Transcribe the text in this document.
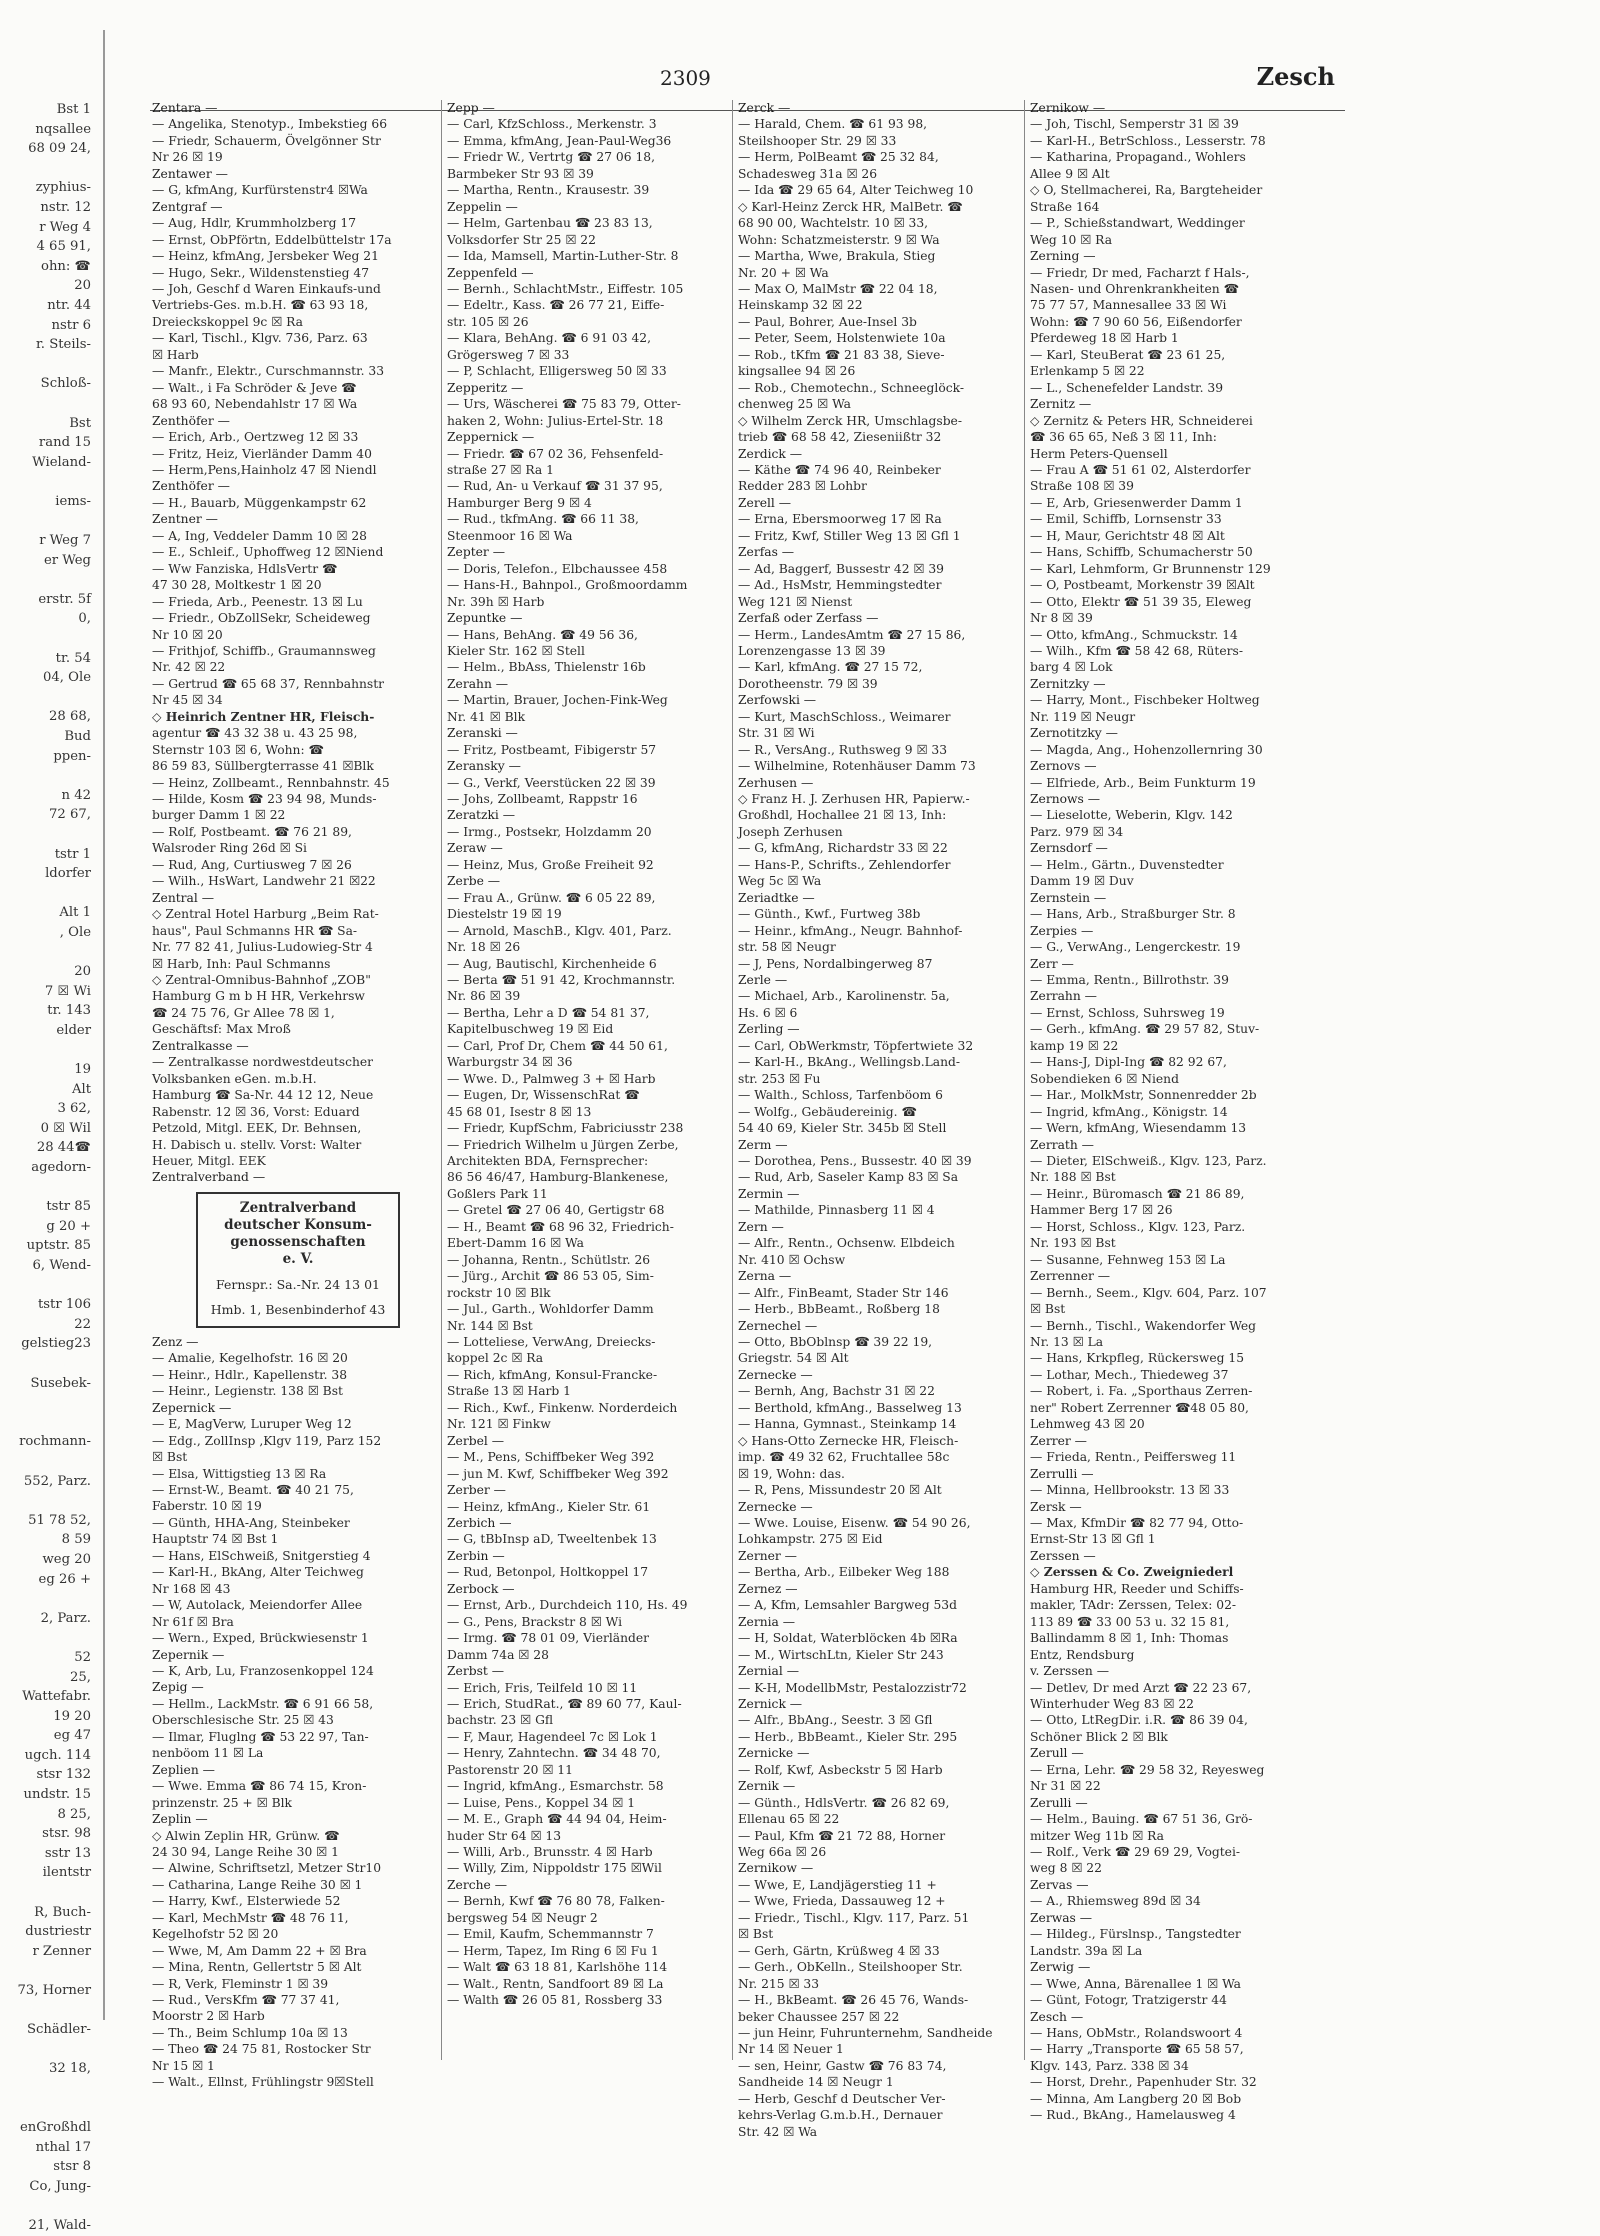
Bst 1
nqsallee
68 09 24,

zyphius-
nstr. 12
r Weg 4
4 65 91,
ohn: ☎
20
ntr. 44
nstr 6
r. Steils-

Schloß-

Bst
rand 15
Wieland-

iems-

r Weg 7
er Weg

erstr. 5f
0,

tr. 54
04, Ole

28 68,
Bud
ppen-

n 42
72 67,

tstr 1
ldorfer

Alt 1
, Ole

20
7 ☒ Wi
tr. 143
elder

19
Alt
3 62,
0 ☒ Wil
28 44☎
agedorn-

tstr 85
g 20 +
uptstr. 85
6, Wend-

tstr 106
22
gelstieg23

Susebek-

rochmann-

552, Parz.

51 78 52,
8 59
weg 20
eg 26 +

2, Parz.

52
25,
Wattefabr.
19 20
eg 47
ugch. 114
stsr 132
undstr. 15
8 25,
stsr. 98
sstr 13
ilentstr

R, Buch-
dustriestr
r Zenner

73, Horner

Schädler-

32 18,

enGroßhdl
nthal 17
stsr 8
Co, Jung-

21, Wald-
2309	Zesch
Zentara —
— Angelika, Stenotyp., Imbekstieg 66
— Friedr, Schauerm, Övelgönner Str
Nr 26 ☒ 19
Zentawer —
— G, kfmAng, Kurfürstenstr4 ☒Wa
Zentgraf —
— Aug, Hdlr, Krummholzberg 17
— Ernst, ObPförtn, Eddelbüttelstr 17a
— Heinz, kfmAng, Jersbeker Weg 21
— Hugo, Sekr., Wildenstenstieg 47
— Joh, Geschf d Waren Einkaufs-und
Vertriebs-Ges. m.b.H. ☎ 63 93 18,
Dreieckskoppel 9c ☒ Ra
— Karl, Tischl., Klgv. 736, Parz. 63
☒ Harb
— Manfr., Elektr., Curschmannstr. 33
— Walt., i Fa Schröder & Jeve ☎
68 93 60, Nebendahlstr 17 ☒ Wa
Zenthöfer —
— Erich, Arb., Oertzweg 12 ☒ 33
— Fritz, Heiz, Vierländer Damm 40
— Herm,Pens,Hainholz 47 ☒ Niendl
Zenthöfer —
— H., Bauarb, Müggenkampstr 62
Zentner —
— A, Ing, Veddeler Damm 10 ☒ 28
— E., Schleif., Uphoffweg 12 ☒Niend
— Ww Fanziska, HdlsVertr ☎
47 30 28, Moltkestr 1 ☒ 20
— Frieda, Arb., Peenestr. 13 ☒ Lu
— Friedr., ObZollSekr, Scheideweg
Nr 10 ☒ 20
— Frithjof, Schiffb., Graumannsweg
Nr. 42 ☒ 22
— Gertrud ☎ 65 68 37, Rennbahnstr
Nr 45 ☒ 34
◇ Heinrich Zentner HR, Fleisch-
agentur ☎ 43 32 38 u. 43 25 98,
Sternstr 103 ☒ 6, Wohn: ☎
86 59 83, Süllbergterrasse 41 ☒Blk
— Heinz, Zollbeamt., Rennbahnstr. 45
— Hilde, Kosm ☎ 23 94 98, Munds-
burger Damm 1 ☒ 22
— Rolf, Postbeamt. ☎ 76 21 89,
Walsroder Ring 26d ☒ Si
— Rud, Ang, Curtiusweg 7 ☒ 26
— Wilh., HsWart, Landwehr 21 ☒22
Zentral —
◇ Zentral Hotel Harburg „Beim Rat-
haus", Paul Schmanns HR ☎ Sa-
Nr. 77 82 41, Julius-Ludowieg-Str 4
☒ Harb, Inh: Paul Schmanns
◇ Zentral-Omnibus-Bahnhof „ZOB"
Hamburg G m b H HR, Verkehrsw
☎ 24 75 76, Gr Allee 78 ☒ 1,
Geschäftsf: Max Mroß
Zentralkasse —
— Zentralkasse nordwestdeutscher
Volksbanken eGen. m.b.H.
Hamburg ☎ Sa-Nr. 44 12 12, Neue
Rabenstr. 12 ☒ 36, Vorst: Eduard
Petzold, Mitgl. EEK, Dr. Behnsen,
H. Dabisch u. stellv. Vorst: Walter
Heuer, Mitgl. EEK
Zentralverband —
Zentralverband
deutscher Konsum-
genossenschaften
e. V.
Fernspr.: Sa.-Nr. 24 13 01
Hmb. 1, Besenbinderhof 43
Zenz —
— Amalie, Kegelhofstr. 16 ☒ 20
— Heinr., Hdlr., Kapellenstr. 38
— Heinr., Legienstr. 138 ☒ Bst
Zepernick —
— E, MagVerw, Luruper Weg 12
— Edg., ZollInsp ,Klgv 119, Parz 152
☒ Bst
— Elsa, Wittigstieg 13 ☒ Ra
— Ernst-W., Beamt. ☎ 40 21 75,
Faberstr. 10 ☒ 19
— Günth, HHA-Ang, Steinbeker
Hauptstr 74 ☒ Bst 1
— Hans, ElSchweiß, Snitgerstieg 4
— Karl-H., BkAng, Alter Teichweg
Nr 168 ☒ 43
— W, Autolack, Meiendorfer Allee
Nr 61f ☒ Bra
— Wern., Exped, Brückwiesenstr 1
Zepernik —
— K, Arb, Lu, Franzosenkoppel 124
Zepig —
— Hellm., LackMstr. ☎ 6 91 66 58,
Oberschlesische Str. 25 ☒ 43
— Ilmar, Fluglng ☎ 53 22 97, Tan-
nenböom 11 ☒ La
Zeplien —
— Wwe. Emma ☎ 86 74 15, Kron-
prinzenstr. 25 + ☒ Blk
Zeplin —
◇ Alwin Zeplin HR, Grünw. ☎
24 30 94, Lange Reihe 30 ☒ 1
— Alwine, Schriftsetzl, Metzer Str10
— Catharina, Lange Reihe 30 ☒ 1
— Harry, Kwf., Elsterwiede 52
— Karl, MechMstr ☎ 48 76 11,
Kegelhofstr 52 ☒ 20
— Wwe, M, Am Damm 22 + ☒ Bra
— Mina, Rentn, Gellertstr 5 ☒ Alt
— R, Verk, Fleminstr 1 ☒ 39
— Rud., VersKfm ☎ 77 37 41,
Moorstr 2 ☒ Harb
— Th., Beim Schlump 10a ☒ 13
— Theo ☎ 24 75 81, Rostocker Str
Nr 15 ☒ 1
— Walt., Ellnst, Frühlingstr 9☒Stell
Zepp —
— Carl, KfzSchloss., Merkenstr. 3
— Emma, kfmAng, Jean-Paul-Weg36
— Friedr W., Vertrtg ☎ 27 06 18,
Barmbeker Str 93 ☒ 39
— Martha, Rentn., Krausestr. 39
Zeppelin —
— Helm, Gartenbau ☎ 23 83 13,
Volksdorfer Str 25 ☒ 22
— Ida, Mamsell, Martin-Luther-Str. 8
Zeppenfeld —
— Bernh., SchlachtMstr., Eiffestr. 105
— Edeltr., Kass. ☎ 26 77 21, Eiffe-
str. 105 ☒ 26
— Klara, BehAng. ☎ 6 91 03 42,
Grögersweg 7 ☒ 33
— P, Schlacht, Elligersweg 50 ☒ 33
Zepperitz —
— Urs, Wäscherei ☎ 75 83 79, Otter-
haken 2, Wohn: Julius-Ertel-Str. 18
Zeppernick —
— Friedr. ☎ 67 02 36, Fehsenfeld-
straße 27 ☒ Ra 1
— Rud, An- u Verkauf ☎ 31 37 95,
Hamburger Berg 9 ☒ 4
— Rud., tkfmAng. ☎ 66 11 38,
Steenmoor 16 ☒ Wa
Zepter —
— Doris, Telefon., Elbchaussee 458
— Hans-H., Bahnpol., Großmoordamm
Nr. 39h ☒ Harb
Zepuntke —
— Hans, BehAng. ☎ 49 56 36,
Kieler Str. 162 ☒ Stell
— Helm., BbAss, Thielenstr 16b
Zerahn —
— Martin, Brauer, Jochen-Fink-Weg
Nr. 41 ☒ Blk
Zeranski —
— Fritz, Postbeamt, Fibigerstr 57
Zeransky —
— G., Verkf, Veerstücken 22 ☒ 39
— Johs, Zollbeamt, Rappstr 16
Zeratzki —
— Irmg., Postsekr, Holzdamm 20
Zeraw —
— Heinz, Mus, Große Freiheit 92
Zerbe —
— Frau A., Grünw. ☎ 6 05 22 89,
Diestelstr 19 ☒ 19
— Arnold, MaschB., Klgv. 401, Parz.
Nr. 18 ☒ 26
— Aug, Bautischl, Kirchenheide 6
— Berta ☎ 51 91 42, Krochmannstr.
Nr. 86 ☒ 39
— Bertha, Lehr a D ☎ 54 81 37,
Kapitelbuschweg 19 ☒ Eid
— Carl, Prof Dr, Chem ☎ 44 50 61,
Warburgstr 34 ☒ 36
— Wwe. D., Palmweg 3 + ☒ Harb
— Eugen, Dr, WissenschRat ☎
45 68 01, Isestr 8 ☒ 13
— Friedr, KupfSchm, Fabriciusstr 238
— Friedrich Wilhelm u Jürgen Zerbe,
Architekten BDA, Fernsprecher:
86 56 46/47, Hamburg-Blankenese,
Goßlers Park 11
— Gretel ☎ 27 06 40, Gertigstr 68
— H., Beamt ☎ 68 96 32, Friedrich-
Ebert-Damm 16 ☒ Wa
— Johanna, Rentn., Schütlstr. 26
— Jürg., Archit ☎ 86 53 05, Sim-
rockstr 10 ☒ Blk
— Jul., Garth., Wohldorfer Damm
Nr. 144 ☒ Bst
— Lotteliese, VerwAng, Dreiecks-
koppel 2c ☒ Ra
— Rich, kfmAng, Konsul-Francke-
Straße 13 ☒ Harb 1
— Rich., Kwf., Finkenw. Norderdeich
Nr. 121 ☒ Finkw
Zerbel —
— M., Pens, Schiffbeker Weg 392
— jun M. Kwf, Schiffbeker Weg 392
Zerber —
— Heinz, kfmAng., Kieler Str. 61
Zerbich —
— G, tBbInsp aD, Tweeltenbek 13
Zerbin —
— Rud, Betonpol, Holtkoppel 17
Zerbock —
— Ernst, Arb., Durchdeich 110, Hs. 49
— G., Pens, Brackstr 8 ☒ Wi
— Irmg. ☎ 78 01 09, Vierländer
Damm 74a ☒ 28
Zerbst —
— Erich, Fris, Teilfeld 10 ☒ 11
— Erich, StudRat., ☎ 89 60 77, Kaul-
bachstr. 23 ☒ Gfl
— F, Maur, Hagendeel 7c ☒ Lok 1
— Henry, Zahntechn. ☎ 34 48 70,
Pastorenstr 20 ☒ 11
— Ingrid, kfmAng., Esmarchstr. 58
— Luise, Pens., Koppel 34 ☒ 1
— M. E., Graph ☎ 44 94 04, Heim-
huder Str 64 ☒ 13
— Willi, Arb., Brunsstr. 4 ☒ Harb
— Willy, Zim, Nippoldstr 175 ☒Wil
Zerche —
— Bernh, Kwf ☎ 76 80 78, Falken-
bergsweg 54 ☒ Neugr 2
— Emil, Kaufm, Schemmannstr 7
— Herm, Tapez, Im Ring 6 ☒ Fu 1
— Walt ☎ 63 18 81, Karlshöhe 114
— Walt., Rentn, Sandfoort 89 ☒ La
— Walth ☎ 26 05 81, Rossberg 33
Zerck —
— Harald, Chem. ☎ 61 93 98,
Steilshooper Str. 29 ☒ 33
— Herm, PolBeamt ☎ 25 32 84,
Schadesweg 31a ☒ 26
— Ida ☎ 29 65 64, Alter Teichweg 10
◇ Karl-Heinz Zerck HR, MalBetr. ☎
68 90 00, Wachtelstr. 10 ☒ 33,
Wohn: Schatzmeisterstr. 9 ☒ Wa
— Martha, Wwe, Brakula, Stieg
Nr. 20 + ☒ Wa
— Max O, MalMstr ☎ 22 04 18,
Heinskamp 32 ☒ 22
— Paul, Bohrer, Aue-Insel 3b
— Peter, Seem, Holstenwiete 10a
— Rob., tKfm ☎ 21 83 38, Sieve-
kingsallee 94 ☒ 26
— Rob., Chemotechn., Schneeglöck-
chenweg 25 ☒ Wa
◇ Wilhelm Zerck HR, Umschlagsbe-
trieb ☎ 68 58 42, Zieseniißtr 32
Zerdick —
— Käthe ☎ 74 96 40, Reinbeker
Redder 283 ☒ Lohbr
Zerell —
— Erna, Ebersmoorweg 17 ☒ Ra
— Fritz, Kwf, Stiller Weg 13 ☒ Gfl 1
Zerfas —
— Ad, Baggerf, Bussestr 42 ☒ 39
— Ad., HsMstr, Hemmingstedter
Weg 121 ☒ Nienst
Zerfaß oder Zerfass —
— Herm., LandesAmtm ☎ 27 15 86,
Lorenzengasse 13 ☒ 39
— Karl, kfmAng. ☎ 27 15 72,
Dorotheenstr. 79 ☒ 39
Zerfowski —
— Kurt, MaschSchloss., Weimarer
Str. 31 ☒ Wi
— R., VersAng., Ruthsweg 9 ☒ 33
— Wilhelmine, Rotenhäuser Damm 73
Zerhusen —
◇ Franz H. J. Zerhusen HR, Papierw.-
Großhdl, Hochallee 21 ☒ 13, Inh:
Joseph Zerhusen
— G, kfmAng, Richardstr 33 ☒ 22
— Hans-P., Schrifts., Zehlendorfer
Weg 5c ☒ Wa
Zeriadtke —
— Günth., Kwf., Furtweg 38b
— Heinr., kfmAng., Neugr. Bahnhof-
str. 58 ☒ Neugr
— J, Pens, Nordalbingerweg 87
Zerle —
— Michael, Arb., Karolinenstr. 5a,
Hs. 6 ☒ 6
Zerling —
— Carl, ObWerkmstr, Töpfertwiete 32
— Karl-H., BkAng., Wellingsb.Land-
str. 253 ☒ Fu
— Walth., Schloss, Tarfenböom 6
— Wolfg., Gebäudereinig. ☎
54 40 69, Kieler Str. 345b ☒ Stell
Zerm —
— Dorothea, Pens., Bussestr. 40 ☒ 39
— Rud, Arb, Saseler Kamp 83 ☒ Sa
Zermin —
— Mathilde, Pinnasberg 11 ☒ 4
Zern —
— Alfr., Rentn., Ochsenw. Elbdeich
Nr. 410 ☒ Ochsw
Zerna —
— Alfr., FinBeamt, Stader Str 146
— Herb., BbBeamt., Roßberg 18
Zernechel —
— Otto, BbOblnsp ☎ 39 22 19,
Griegstr. 54 ☒ Alt
Zernecke —
— Bernh, Ang, Bachstr 31 ☒ 22
— Berthold, kfmAng., Basselweg 13
— Hanna, Gymnast., Steinkamp 14
◇ Hans-Otto Zernecke HR, Fleisch-
imp. ☎ 49 32 62, Fruchtallee 58c
☒ 19, Wohn: das.
— R, Pens, Missundestr 20 ☒ Alt
Zernecke —
— Wwe. Louise, Eisenw. ☎ 54 90 26,
Lohkampstr. 275 ☒ Eid
Zerner —
— Bertha, Arb., Eilbeker Weg 188
Zernez —
— A, Kfm, Lemsahler Bargweg 53d
Zernia —
— H, Soldat, Waterblöcken 4b ☒Ra
— M., WirtschLtn, Kieler Str 243
Zernial —
— K-H, ModellbMstr, Pestalozzistr72
Zernick —
— Alfr., BbAng., Seestr. 3 ☒ Gfl
— Herb., BbBeamt., Kieler Str. 295
Zernicke —
— Rolf, Kwf, Asbeckstr 5 ☒ Harb
Zernik —
— Günth., HdlsVertr. ☎ 26 82 69,
Ellenau 65 ☒ 22
— Paul, Kfm ☎ 21 72 88, Horner
Weg 66a ☒ 26
Zernikow —
— Wwe, E, Landjägerstieg 11 +
— Wwe, Frieda, Dassauweg 12 +
— Friedr., Tischl., Klgv. 117, Parz. 51
☒ Bst
— Gerh, Gärtn, Krüßweg 4 ☒ 33
— Gerh., ObKelln., Steilshooper Str.
Nr. 215 ☒ 33
— H., BkBeamt. ☎ 26 45 76, Wands-
beker Chaussee 257 ☒ 22
— jun Heinr, Fuhrunternehm, Sandheide
Nr 14 ☒ Neuer 1
— sen, Heinr, Gastw ☎ 76 83 74,
Sandheide 14 ☒ Neugr 1
— Herb, Geschf d Deutscher Ver-
kehrs-Verlag G.m.b.H., Dernauer
Str. 42 ☒ Wa
Zernikow —
— Joh, Tischl, Semperstr 31 ☒ 39
— Karl-H., BetrSchloss., Lesserstr. 78
— Katharina, Propagand., Wohlers
Allee 9 ☒ Alt
◇ O, Stellmacherei, Ra, Bargteheider
Straße 164
— P., Schießstandwart, Weddinger
Weg 10 ☒ Ra
Zerning —
— Friedr, Dr med, Facharzt f Hals-,
Nasen- und Ohrenkrankheiten ☎
75 77 57, Mannesallee 33 ☒ Wi
Wohn: ☎ 7 90 60 56, Eißendorfer
Pferdeweg 18 ☒ Harb 1
— Karl, SteuBerat ☎ 23 61 25,
Erlenkamp 5 ☒ 22
— L., Schenefelder Landstr. 39
Zernitz —
◇ Zernitz & Peters HR, Schneiderei
☎ 36 65 65, Neß 3 ☒ 11, Inh:
Herm Peters-Quensell
— Frau A ☎ 51 61 02, Alsterdorfer
Straße 108 ☒ 39
— E, Arb, Griesenwerder Damm 1
— Emil, Schiffb, Lornsenstr 33
— H, Maur, Gerichtstr 48 ☒ Alt
— Hans, Schiffb, Schumacherstr 50
— Karl, Lehmform, Gr Brunnenstr 129
— O, Postbeamt, Morkenstr 39 ☒Alt
— Otto, Elektr ☎ 51 39 35, Eleweg
Nr 8 ☒ 39
— Otto, kfmAng., Schmuckstr. 14
— Wilh., Kfm ☎ 58 42 68, Rüters-
barg 4 ☒ Lok
Zernitzky —
— Harry, Mont., Fischbeker Holtweg
Nr. 119 ☒ Neugr
Zernotitzky —
— Magda, Ang., Hohenzollernring 30
Zernovs —
— Elfriede, Arb., Beim Funkturm 19
Zernows —
— Lieselotte, Weberin, Klgv. 142
Parz. 979 ☒ 34
Zernsdorf —
— Helm., Gärtn., Duvenstedter
Damm 19 ☒ Duv
Zernstein —
— Hans, Arb., Straßburger Str. 8
Zerpies —
— G., VerwAng., Lengerckestr. 19
Zerr —
— Emma, Rentn., Billrothstr. 39
Zerrahn —
— Ernst, Schloss, Suhrsweg 19
— Gerh., kfmAng. ☎ 29 57 82, Stuv-
kamp 19 ☒ 22
— Hans-J, Dipl-Ing ☎ 82 92 67,
Sobendieken 6 ☒ Niend
— Har., MolkMstr, Sonnenredder 2b
— Ingrid, kfmAng., Königstr. 14
— Wern, kfmAng, Wiesendamm 13
Zerrath —
— Dieter, ElSchweiß., Klgv. 123, Parz.
Nr. 188 ☒ Bst
— Heinr., Büromasch ☎ 21 86 89,
Hammer Berg 17 ☒ 26
— Horst, Schloss., Klgv. 123, Parz.
Nr. 193 ☒ Bst
— Susanne, Fehnweg 153 ☒ La
Zerrenner —
— Bernh., Seem., Klgv. 604, Parz. 107
☒ Bst
— Bernh., Tischl., Wakendorfer Weg
Nr. 13 ☒ La
— Hans, Krkpfleg, Rückersweg 15
— Lothar, Mech., Thiedeweg 37
— Robert, i. Fa. „Sporthaus Zerren-
ner" Robert Zerrenner ☎48 05 80,
Lehmweg 43 ☒ 20
Zerrer —
— Frieda, Rentn., Peiffersweg 11
Zerrulli —
— Minna, Hellbrookstr. 13 ☒ 33
Zersk —
— Max, KfmDir ☎ 82 77 94, Otto-
Ernst-Str 13 ☒ Gfl 1
Zerssen —
◇ Zerssen & Co. Zweigniederl
Hamburg HR, Reeder und Schiffs-
makler, TAdr: Zerssen, Telex: 02-
113 89 ☎ 33 00 53 u. 32 15 81,
Ballindamm 8 ☒ 1, Inh: Thomas
Entz, Rendsburg
v. Zerssen —
— Detlev, Dr med Arzt ☎ 22 23 67,
Winterhuder Weg 83 ☒ 22
— Otto, LtRegDir. i.R. ☎ 86 39 04,
Schöner Blick 2 ☒ Blk
Zerull —
— Erna, Lehr. ☎ 29 58 32, Reyesweg
Nr 31 ☒ 22
Zerulli —
— Helm., Bauing. ☎ 67 51 36, Grö-
mitzer Weg 11b ☒ Ra
— Rolf., Verk ☎ 29 69 29, Vogtei-
weg 8 ☒ 22
Zervas —
— A., Rhiemsweg 89d ☒ 34
Zerwas —
— Hildeg., Fürslnsp., Tangstedter
Landstr. 39a ☒ La
Zerwig —
— Wwe, Anna, Bärenallee 1 ☒ Wa
— Günt, Fotogr, Tratzigerstr 44
Zesch —
— Hans, ObMstr., Rolandswoort 4
— Harry „Transporte ☎ 65 58 57,
Klgv. 143, Parz. 338 ☒ 34
— Horst, Drehr., Papenhuder Str. 32
— Minna, Am Langberg 20 ☒ Bob
— Rud., BkAng., Hamelausweg 4
